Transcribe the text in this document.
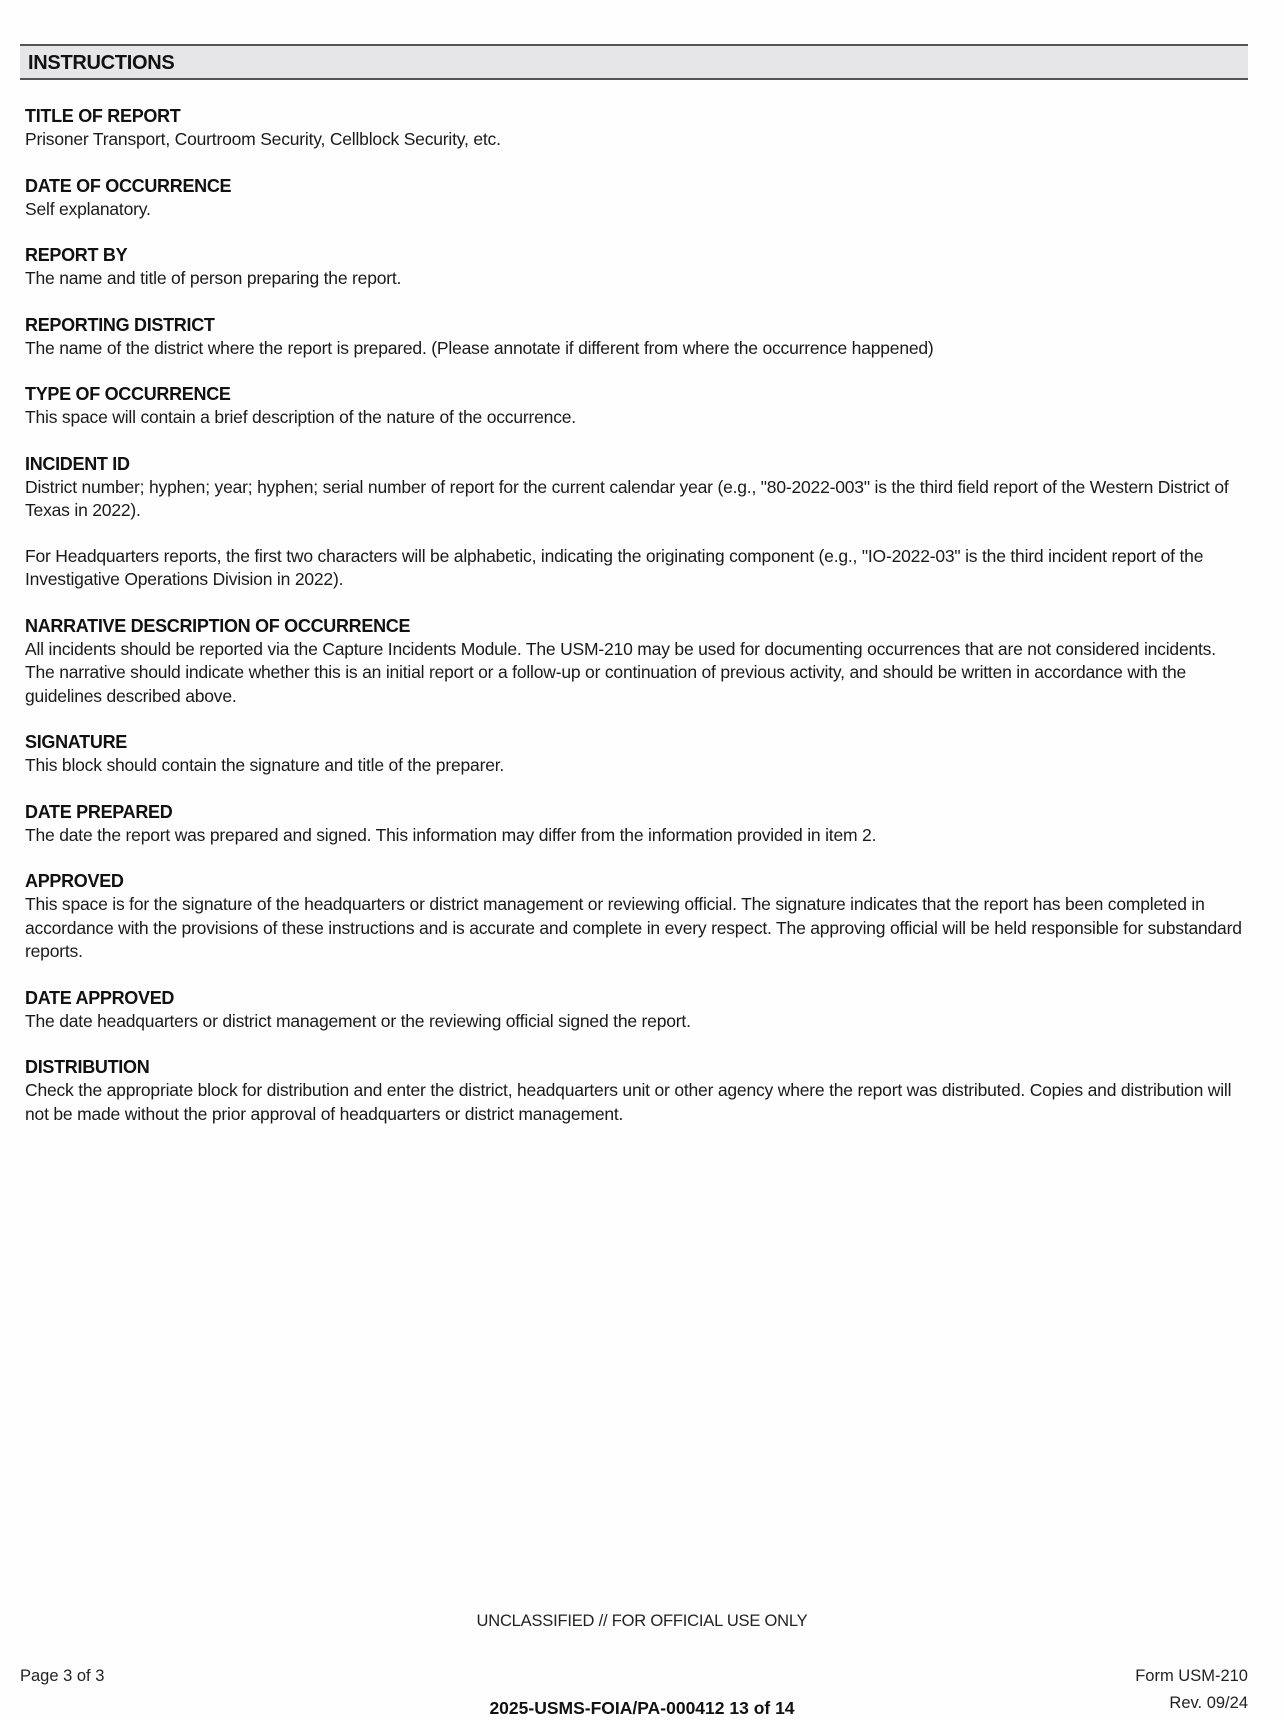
INSTRUCTIONS
TITLE OF REPORT
Prisoner Transport, Courtroom Security, Cellblock Security, etc.
DATE OF OCCURRENCE
Self explanatory.
REPORT BY
The name and title of person preparing the report.
REPORTING DISTRICT
The name of the district where the report is prepared. (Please annotate if different from where the occurrence happened)
TYPE OF OCCURRENCE
This space will contain a brief description of the nature of the occurrence.
INCIDENT ID
District number; hyphen; year; hyphen; serial number of report for the current calendar year (e.g., "80-2022-003" is the third field report of the Western District of Texas in 2022).
For Headquarters reports, the first two characters will be alphabetic, indicating the originating component (e.g., "IO-2022-03" is the third incident report of the Investigative Operations Division in 2022).
NARRATIVE DESCRIPTION OF OCCURRENCE
All incidents should be reported via the Capture Incidents Module. The USM-210 may be used for documenting occurrences that are not considered incidents. The narrative should indicate whether this is an initial report or a follow-up or continuation of previous activity, and should be written in accordance with the guidelines described above.
SIGNATURE
This block should contain the signature and title of the preparer.
DATE PREPARED
The date the report was prepared and signed. This information may differ from the information provided in item 2.
APPROVED
This space is for the signature of the headquarters or district management or reviewing official. The signature indicates that the report has been completed in accordance with the provisions of these instructions and is accurate and complete in every respect. The approving official will be held responsible for substandard reports.
DATE APPROVED
The date headquarters or district management or the reviewing official signed the report.
DISTRIBUTION
Check the appropriate block for distribution and enter the district, headquarters unit or other agency where the report was distributed. Copies and distribution will not be made without the prior approval of headquarters or district management.
UNCLASSIFIED // FOR OFFICIAL USE ONLY
Page 3 of 3	Form USM-210
Rev. 09/24
2025-USMS-FOIA/PA-000412 13 of 14
